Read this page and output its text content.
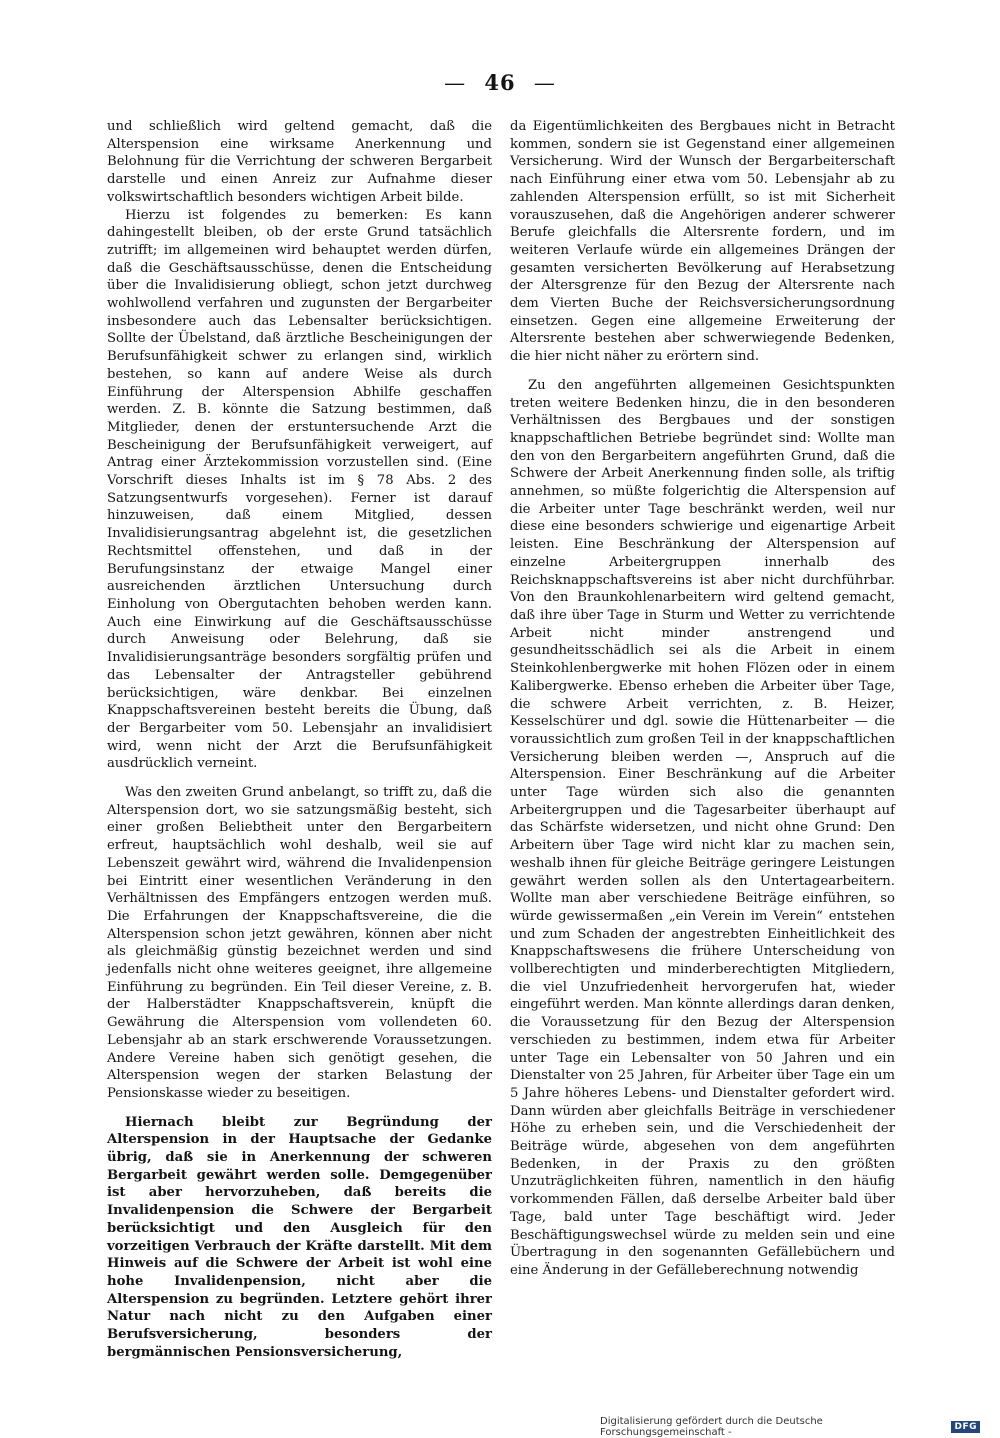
— 46 —

und schließlich wird geltend gemacht, daß die Alterspension eine wirksame Anerkennung und Belohnung für die Verrichtung der schweren Bergarbeit darstelle und einen Anreiz zur Aufnahme dieser volkswirtschaftlich besonders wichtigen Arbeit bilde.

Hierzu ist folgendes zu bemerken: Es kann dahingestellt bleiben, ob der erste Grund tatsächlich zutrifft; im allgemeinen wird behauptet werden dürfen, daß die Geschäftsausschüsse, denen die Entscheidung über die Invalidisierung obliegt, schon jetzt durchweg wohlwollend verfahren und zugunsten der Bergarbeiter insbesondere auch das Lebensalter berücksichtigen. Sollte der Übelstand, daß ärztliche Bescheinigungen der Berufsunfähigkeit schwer zu erlangen sind, wirklich bestehen, so kann auf andere Weise als durch Einführung der Alterspension Abhilfe geschaffen werden. Z. B. könnte die Satzung bestimmen, daß Mitglieder, denen der erstuntersuchende Arzt die Bescheinigung der Berufsunfähigkeit verweigert, auf Antrag einer Ärztekommission vorzustellen sind. (Eine Vorschrift dieses Inhalts ist im § 78 Abs. 2 des Satzungsentwurfs vorgesehen). Ferner ist darauf hinzuweisen, daß einem Mitglied, dessen Invalidisierungsantrag abgelehnt ist, die gesetzlichen Rechtsmittel offenstehen, und daß in der Berufungsinstanz der etwaige Mangel einer ausreichenden ärztlichen Untersuchung durch Einholung von Obergutachten behoben werden kann. Auch eine Einwirkung auf die Geschäftsausschüsse durch Anweisung oder Belehrung, daß sie Invalidisierungsanträge besonders sorgfältig prüfen und das Lebensalter der Antragsteller gebührend berücksichtigen, wäre denkbar. Bei einzelnen Knappschaftsvereinen besteht bereits die Übung, daß der Bergarbeiter vom 50. Lebensjahr an invalidisiert wird, wenn nicht der Arzt die Berufsunfähigkeit ausdrücklich verneint.

Was den zweiten Grund anbelangt, so trifft zu, daß die Alterspension dort, wo sie satzungsmäßig besteht, sich einer großen Beliebtheit unter den Bergarbeitern erfreut, hauptsächlich wohl deshalb, weil sie auf Lebenszeit gewährt wird, während die Invalidenpension bei Eintritt einer wesentlichen Veränderung in den Verhältnissen des Empfängers entzogen werden muß. Die Erfahrungen der Knappschaftsvereine, die die Alterspension schon jetzt gewähren, können aber nicht als gleichmäßig günstig bezeichnet werden und sind jedenfalls nicht ohne weiteres geeignet, ihre allgemeine Einführung zu begründen. Ein Teil dieser Vereine, z. B. der Halberstädter Knappschaftsverein, knüpft die Gewährung die Alterspension vom vollendeten 60. Lebensjahr ab an stark erschwerende Voraussetzungen. Andere Vereine haben sich genötigt gesehen, die Alterspension wegen der starken Belastung der Pensionskasse wieder zu beseitigen.

Hiernach bleibt zur Begründung der Alterspension in der Hauptsache der Gedanke übrig, daß sie in Anerkennung der schweren Bergarbeit gewährt werden solle. Demgegenüber ist aber hervorzuheben, daß bereits die Invalidenpension die Schwere der Bergarbeit berücksichtigt und den Ausgleich für den vorzeitigen Verbrauch der Kräfte darstellt. Mit dem Hinweis auf die Schwere der Arbeit ist wohl eine hohe Invalidenpension, nicht aber die Alterspension zu begründen. Letztere gehört ihrer Natur nach nicht zu den Aufgaben einer Berufsversicherung, besonders der bergmännischen Pensionsversicherung,

da Eigentümlichkeiten des Bergbaues nicht in Betracht kommen, sondern sie ist Gegenstand einer allgemeinen Versicherung. Wird der Wunsch der Bergarbeiterschaft nach Einführung einer etwa vom 50. Lebensjahr ab zu zahlenden Alterspension erfüllt, so ist mit Sicherheit vorauszusehen, daß die Angehörigen anderer schwerer Berufe gleichfalls die Altersrente fordern, und im weiteren Verlaufe würde ein allgemeines Drängen der gesamten versicherten Bevölkerung auf Herabsetzung der Altersgrenze für den Bezug der Altersrente nach dem Vierten Buche der Reichsversicherungsordnung einsetzen. Gegen eine allgemeine Erweiterung der Altersrente bestehen aber schwerwiegende Bedenken, die hier nicht näher zu erörtern sind.

Zu den angeführten allgemeinen Gesichtspunkten treten weitere Bedenken hinzu, die in den besonderen Verhältnissen des Bergbaues und der sonstigen knappschaftlichen Betriebe begründet sind: Wollte man den von den Bergarbeitern angeführten Grund, daß die Schwere der Arbeit Anerkennung finden solle, als triftig annehmen, so müßte folgerichtig die Alterspension auf die Arbeiter unter Tage beschränkt werden, weil nur diese eine besonders schwierige und eigenartige Arbeit leisten. Eine Beschränkung der Alterspension auf einzelne Arbeitergruppen innerhalb des Reichsknappschaftsvereins ist aber nicht durchführbar. Von den Braunkohlenarbeitern wird geltend gemacht, daß ihre über Tage in Sturm und Wetter zu verrichtende Arbeit nicht minder anstrengend und gesundheitsschädlich sei als die Arbeit in einem Steinkohlenbergwerke mit hohen Flözen oder in einem Kalibergwerke. Ebenso erheben die Arbeiter über Tage, die schwere Arbeit verrichten, z. B. Heizer, Kesselschürer und dgl. sowie die Hüttenarbeiter — die voraussichtlich zum großen Teil in der knappschaftlichen Versicherung bleiben werden —, Anspruch auf die Alterspension. Einer Beschränkung auf die Arbeiter unter Tage würden sich also die genannten Arbeitergruppen und die Tagesarbeiter überhaupt auf das Schärfste widersetzen, und nicht ohne Grund: Den Arbeitern über Tage wird nicht klar zu machen sein, weshalb ihnen für gleiche Beiträge geringere Leistungen gewährt werden sollen als den Untertagearbeitern. Wollte man aber verschiedene Beiträge einführen, so würde gewissermaßen „ein Verein im Verein“ entstehen und zum Schaden der angestrebten Einheitlichkeit des Knappschaftswesens die frühere Unterscheidung von vollberechtigten und minderberechtigten Mitgliedern, die viel Unzufriedenheit hervorgerufen hat, wieder eingeführt werden. Man könnte allerdings daran denken, die Voraussetzung für den Bezug der Alterspension verschieden zu bestimmen, indem etwa für Arbeiter unter Tage ein Lebensalter von 50 Jahren und ein Dienstalter von 25 Jahren, für Arbeiter über Tage ein um 5 Jahre höheres Lebens- und Dienstalter gefordert wird. Dann würden aber gleichfalls Beiträge in verschiedener Höhe zu erheben sein, und die Verschiedenheit der Beiträge würde, abgesehen von dem angeführten Bedenken, in der Praxis zu den größten Unzuträglichkeiten führen, namentlich in den häufig vorkommenden Fällen, daß derselbe Arbeiter bald über Tage, bald unter Tage beschäftigt wird. Jeder Beschäftigungswechsel würde zu melden sein und eine Übertragung in den sogenannten Gefällebüchern und eine Änderung in der Gefälleberechnung notwendig

Digitalisierung gefördert durch die Deutsche Forschungsgemeinschaft -	DFG
